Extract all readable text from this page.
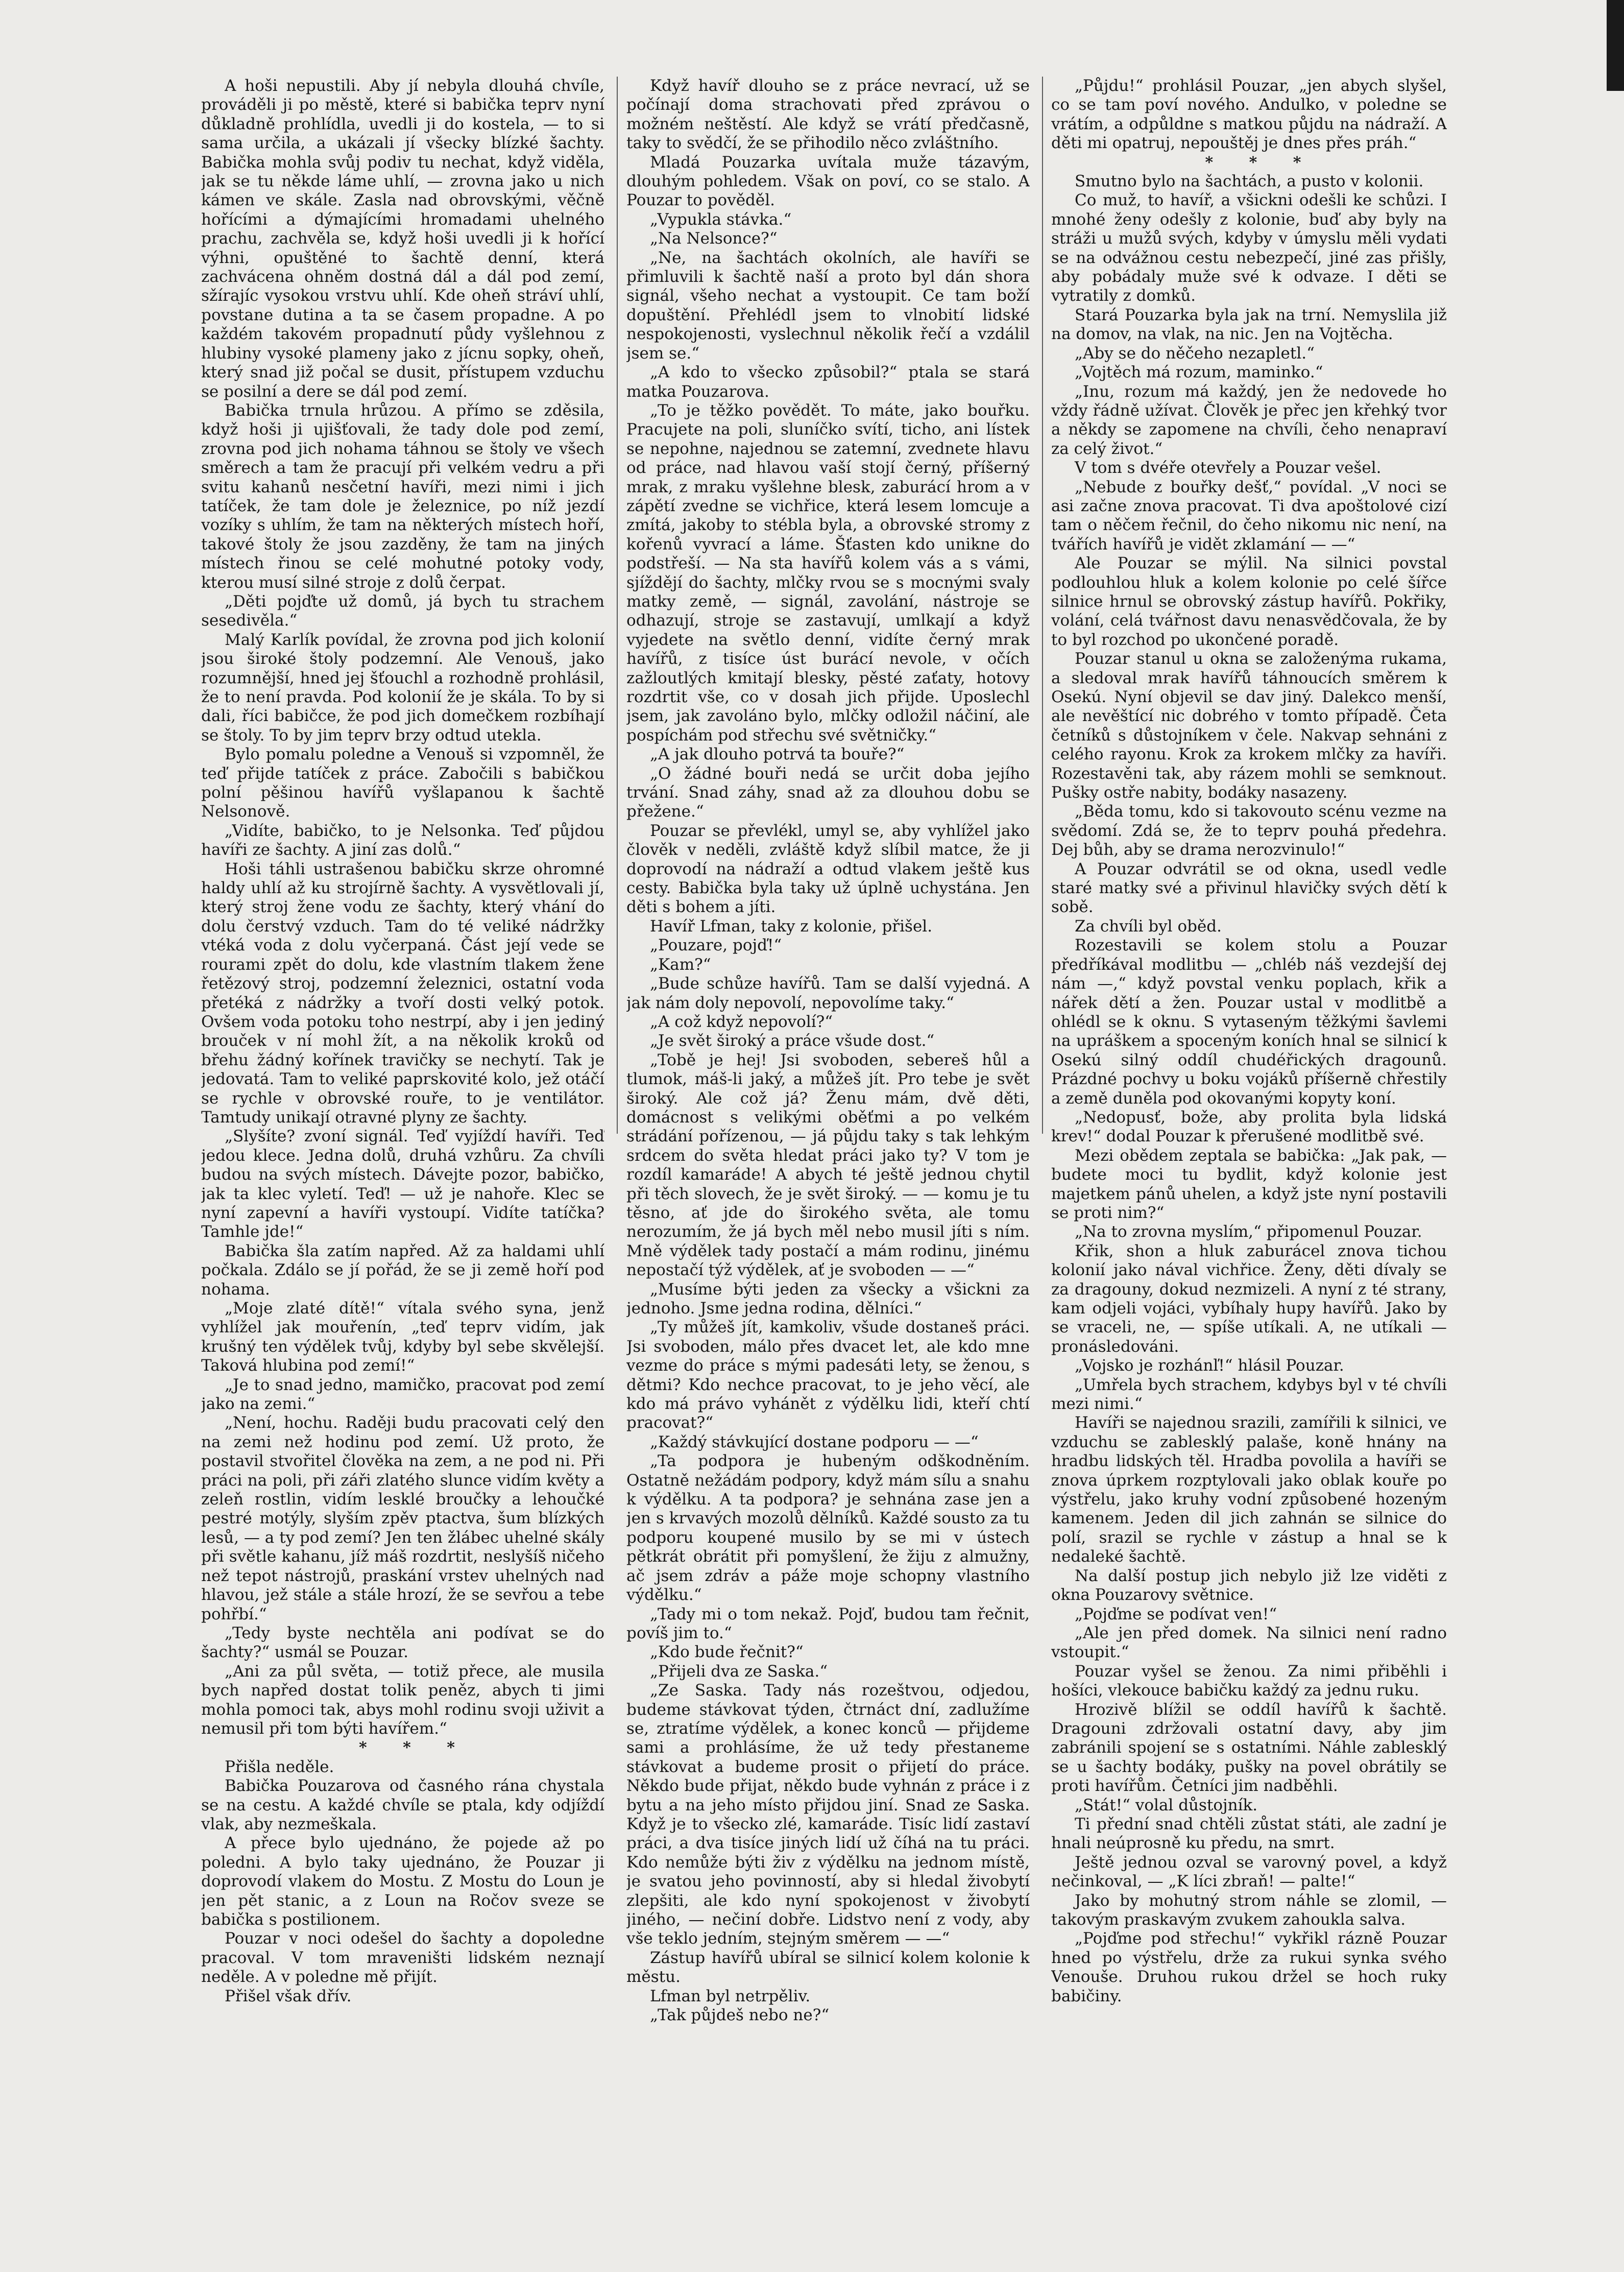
A hoši nepustili. Aby jí nebyla dlouhá chvíle, prováděli ji po městě, které si babička teprv nyní důkladně prohlídla, uvedli ji do kostela, — to si sama určila, a ukázali jí všecky blízké šachty. Babička mohla svůj podiv tu nechat, když viděla, jak se tu někde láme uhlí, — zrovna jako u nich kámen ve skále. Zasla nad obrovskými, věčně hořícími a dýmajícími hromadami uhelného prachu, zachvěla se, když hoši uvedli ji k hořící výhni, opuštěné to šachtě denní, která zachvácena ohněm dostná dál a dál pod zemí, sžírajíc vysokou vrstvu uhlí. Kde oheň stráví uhlí, povstane dutina a ta se časem propadne. A po každém takovém propadnutí půdy vyšlehnou z hlubiny vysoké plameny jako z jícnu sopky, oheň, který snad již počal se dusit, přístupem vzduchu se posilní a dere se dál pod zemí.

Babička trnula hrůzou. A přímo se zděsila, když hoši ji ujišťovali, že tady dole pod zemí, zrovna pod jich nohama táhnou se štoly ve všech směrech a tam že pracují při velkém vedru a při svitu kahanů nesčetní havíři, mezi nimi i jich tatíček, že tam dole je železnice, po níž jezdí vozíky s uhlím, že tam na některých místech hoří, takové štoly že jsou zazděny, že tam na jiných místech řinou se celé mohutné potoky vody, kterou musí silné stroje z dolů čerpat.

„Děti pojďte už domů, já bych tu strachem sesedivěla.“

Malý Karlík povídal, že zrovna pod jich kolonií jsou široké štoly podzemní. Ale Venouš, jako rozumnější, hned jej šťouchl a rozhodně prohlásil, že to není pravda. Pod kolonií že je skála. To by si dali, říci babičce, že pod jich domečkem rozbíhají se štoly. To by jim teprv brzy odtud utekla.

Bylo pomalu poledne a Venouš si vzpomněl, že teď přijde tatíček z práce. Zabočili s babičkou polní pěšinou havířů vyšlapanou k šachtě Nelsonově.

„Vidíte, babičko, to je Nelsonka. Teď půjdou havíři ze šachty. A jiní zas dolů.“

Hoši táhli ustrašenou babičku skrze ohromné haldy uhlí až ku strojírně šachty. A vysvětlovali jí, který stroj žene vodu ze šachty, který vhání do dolu čerstvý vzduch. Tam do té veliké nádržky vtéká voda z dolu vyčerpaná. Část její vede se rourami zpět do dolu, kde vlastním tlakem žene řetězový stroj, podzemní železnici, ostatní voda přetéká z nádržky a tvoří dosti velký potok. Ovšem voda potoku toho nestrpí, aby i jen jediný brouček v ní mohl žít, a na několik kroků od břehu žádný kořínek travičky se nechytí. Tak je jedovatá. Tam to veliké paprskovité kolo, jež otáčí se rychle v obrovské rouře, to je ventilátor. Tamtudy unikají otravné plyny ze šachty.

„Slyšíte? zvoní signál. Teď vyjíždí havíři. Teď jedou klece. Jedna dolů, druhá vzhůru. Za chvíli budou na svých místech. Dávejte pozor, babičko, jak ta klec vyletí. Teď! — už je nahoře. Klec se nyní zapevní a havíři vystoupí. Vidíte tatíčka? Tamhle jde!“

Babička šla zatím napřed. Až za haldami uhlí počkala. Zdálo se jí pořád, že se ji země hoří pod nohama.

„Moje zlaté dítě!“ vítala svého syna, jenž vyhlížel jak mouřenín, „teď teprv vidím, jak krušný ten výdělek tvůj, kdyby byl sebe skvělejší. Taková hlubina pod zemí!“

„Je to snad jedno, mamičko, pracovat pod zemí jako na zemi.“

„Není, hochu. Raději budu pracovati celý den na zemi než hodinu pod zemí. Už proto, že postavil stvořitel člověka na zem, a ne pod ni. Při práci na poli, při záři zlatého slunce vidím květy a zeleň rostlin, vidím lesklé broučky a lehoučké pestré motýly, slyším zpěv ptactva, šum blízkých lesů, — a ty pod zemí? Jen ten žlábec uhelné skály při světle kahanu, jíž máš rozdrtit, neslyšíš ničeho než tepot nástrojů, praskání vrstev uhelných nad hlavou, jež stále a stále hrozí, že se sevřou a tebe pohřbí.“

„Tedy byste nechtěla ani podívat se do šachty?“ usmál se Pouzar.

„Ani za půl světa, — totiž přece, ale musila bych napřed dostat tolik peněz, abych ti jimi mohla pomoci tak, abys mohl rodinu svoji uživit a nemusil při tom býti havířem.“

* * *

Přišla neděle.

Babička Pouzarova od časného rána chystala se na cestu. A každé chvíle se ptala, kdy odjíždí vlak, aby nezmeškala.

A přece bylo ujednáno, že pojede až po poledni. A bylo taky ujednáno, že Pouzar ji doprovodí vlakem do Mostu. Z Mostu do Loun je jen pět stanic, a z Loun na Ročov sveze se babička s postilionem.

Pouzar v noci odešel do šachty a dopoledne pracoval. V tom mraveništi lidském neznají neděle. A v poledne mě přijít.

Přišel však dřív.

Když havíř dlouho se z práce nevrací, už se počínají doma strachovati před zprávou o možném neštěstí. Ale když se vrátí předčasně, taky to svědčí, že se přihodilo něco zvláštního.

Mladá Pouzarka uvítala muže tázavým, dlouhým pohledem. Však on poví, co se stalo. A Pouzar to pověděl.

„Vypukla stávka.“

„Na Nelsonce?“

„Ne, na šachtách okolních, ale havíři se přimluvili k šachtě naší a proto byl dán shora signál, všeho nechat a vystoupit. Ce tam boží dopuštění. Přehlédl jsem to vlnobití lidské nespokojenosti, vyslechnul několik řečí a vzdálil jsem se.“

„A kdo to všecko způsobil?“ ptala se stará matka Pouzarova.

„To je těžko povědět. To máte, jako bouřku. Pracujete na poli, sluníčko svítí, ticho, ani lístek se nepohne, najednou se zatemní, zvednete hlavu od práce, nad hlavou vaší stojí černý, příšerný mrak, z mraku vyšlehne blesk, zaburácí hrom a v zápětí zvedne se vichřice, která lesem lomcuje a zmítá, jakoby to stébla byla, a obrovské stromy z kořenů vyvrací a láme. Šťasten kdo unikne do podstřeší. — Na sta havířů kolem vás a s vámi, sjíždějí do šachty, mlčky rvou se s mocnými svaly matky země, — signál, zavolání, nástroje se odhazují, stroje se zastavují, umlkají a když vyjedete na světlo denní, vidíte černý mrak havířů, z tisíce úst burácí nevole, v očích zažloutlých kmitají blesky, pěsté zaťaty, hotovy rozdrtit vše, co v dosah jich přijde. Uposlechl jsem, jak zavoláno bylo, mlčky odložil náčiní, ale pospíchám pod střechu své světničky.“

„A jak dlouho potrvá ta bouře?“

„O žádné bouři nedá se určit doba jejího trvání. Snad záhy, snad až za dlouhou dobu se přežene.“

Pouzar se převlékl, umyl se, aby vyhlížel jako člověk v neděli, zvláště když slíbil matce, že ji doprovodí na nádraží a odtud vlakem ještě kus cesty. Babička byla taky už úplně uchystána. Jen děti s bohem a jíti.

Havíř Lfman, taky z kolonie, přišel.

„Pouzare, pojď!“

„Kam?“

„Bude schůze havířů. Tam se další vyjedná. A jak nám doly nepovolí, nepovolíme taky.“

„A což když nepovolí?“

„Je svět široký a práce všude dost.“

„Tobě je hej! Jsi svoboden, sebereš hůl a tlumok, máš-li jaký, a můžeš jít. Pro tebe je svět široký. Ale což já? Ženu mám, dvě děti, domácnost s velikými oběťmi a po velkém strádání pořízenou, — já půjdu taky s tak lehkým srdcem do světa hledat práci jako ty? V tom je rozdíl kamaráde! A abych té ještě jednou chytil při těch slovech, že je svět široký. — — komu je tu těsno, ať jde do širokého světa, ale tomu nerozumím, že já bych měl nebo musil jíti s ním. Mně výdělek tady postačí a mám rodinu, jinému nepostačí týž výdělek, ať je svoboden — —“

„Musíme býti jeden za všecky a všickni za jednoho. Jsme jedna rodina, dělníci.“

„Ty můžeš jít, kamkoliv, všude dostaneš práci. Jsi svoboden, málo přes dvacet let, ale kdo mne vezme do práce s mými padesáti lety, se ženou, s dětmi? Kdo nechce pracovat, to je jeho věcí, ale kdo má právo vyhánět z výdělku lidi, kteří chtí pracovat?“

„Každý stávkující dostane podporu — —“

„Ta podpora je hubeným odškodněním. Ostatně nežádám podpory, když mám sílu a snahu k výdělku. A ta podpora? je sehnána zase jen a jen s krvavých mozolů dělníků. Každé sousto za tu podporu koupené musilo by se mi v ústech pětkrát obrátit při pomyšlení, že žiju z almužny, ač jsem zdráv a páže moje schopny vlastního výdělku.“

„Tady mi o tom nekaž. Pojď, budou tam řečnit, povíš jim to.“

„Kdo bude řečnit?“

„Přijeli dva ze Saska.“

„Ze Saska. Tady nás rozeštvou, odjedou, budeme stávkovat týden, čtrnáct dní, zadlužíme se, ztratíme výdělek, a konec konců — přijdeme sami a prohlásíme, že už tedy přestaneme stávkovat a budeme prosit o přijetí do práce. Někdo bude přijat, někdo bude vyhnán z práce i z bytu a na jeho místo přijdou jiní. Snad ze Saska. Když je to všecko zlé, kamaráde. Tisíc lidí zastaví práci, a dva tisíce jiných lidí už číhá na tu práci. Kdo nemůže býti živ z výdělku na jednom místě, je svatou jeho povinností, aby si hledal živobytí zlepšiti, ale kdo nyní spokojenost v živobytí jiného, — nečiní dobře. Lidstvo není z vody, aby vše teklo jedním, stejným směrem — —“

Zástup havířů ubíral se silnicí kolem kolonie k městu.

Lfman byl netrpěliv.

„Tak půjdeš nebo ne?“

„Půjdu!“ prohlásil Pouzar, „jen abych slyšel, co se tam poví nového. Andulko, v poledne se vrátím, a odpůldne s matkou půjdu na nádraží. A děti mi opatruj, nepouštěj je dnes přes práh.“

* * *

Smutno bylo na šachtách, a pusto v kolonii.

Co muž, to havíř, a všickni odešli ke schůzi. I mnohé ženy odešly z kolonie, buď aby byly na stráži u mužů svých, kdyby v úmyslu měli vydati se na odvážnou cestu nebezpečí, jiné zas přišly, aby pobádaly muže své k odvaze. I děti se vytratily z domků.

Stará Pouzarka byla jak na trní. Nemyslila již na domov, na vlak, na nic. Jen na Vojtěcha.

„Aby se do něčeho nezapletl.“

„Vojtěch má rozum, maminko.“

„Inu, rozum má každý, jen že nedovede ho vždy řádně užívat. Člověk je přec jen křehký tvor a někdy se zapomene na chvíli, čeho nenapraví za celý život.“

V tom s dvéře otevřely a Pouzar vešel.

„Nebude z bouřky dešť,“ povídal. „V noci se asi začne znova pracovat. Ti dva apoštolové cizí tam o něčem řečnil, do čeho nikomu nic není, na tvářích havířů je vidět zklamání — —“

Ale Pouzar se mýlil. Na silnici povstal podlouhlou hluk a kolem kolonie po celé šířce silnice hrnul se obrovský zástup havířů. Pokřiky, volání, celá tvářnost davu nenasvědčovala, že by to byl rozchod po ukončené poradě.

Pouzar stanul u okna se založenýma rukama, a sledoval mrak havířů táhnoucích směrem k Osekú. Nyní objevil se dav jiný. Dalekco menší, ale nevěštící nic dobrého v tomto případě. Četa četníků s důstojníkem v čele. Nakvap sehnáni z celého rayonu. Krok za krokem mlčky za havíři. Rozestavěni tak, aby rázem mohli se semknout. Pušky ostře nabity, bodáky nasazeny.

„Běda tomu, kdo si takovouto scénu vezme na svědomí. Zdá se, že to teprv pouhá předehra. Dej bůh, aby se drama nerozvinulo!“

A Pouzar odvrátil se od okna, usedl vedle staré matky své a přivinul hlavičky svých dětí k sobě.

Za chvíli byl oběd.

Rozestavili se kolem stolu a Pouzar předříkával modlitbu — „chléb náš vezdejší dej nám —,“ když povstal venku poplach, křik a nářek dětí a žen. Pouzar ustal v modlitbě a ohlédl se k oknu. S vytaseným těžkými šavlemi na upráškem a spoceným koních hnal se silnicí k Osekú silný oddíl chudéřických dragounů. Prázdné pochvy u boku vojáků příšerně chřestily a země duněla pod okovanými kopyty koní.

„Nedopusť, bože, aby prolita byla lidská krev!“ dodal Pouzar k přerušené modlitbě své.

Mezi obědem zeptala se babička: „Jak pak, — budete moci tu bydlit, když kolonie jest majetkem pánů uhelen, a když jste nyní postavili se proti nim?“

„Na to zrovna myslím,“ připomenul Pouzar.

Křik, shon a hluk zaburácel znova tichou kolonií jako nával vichřice. Ženy, děti dívaly se za dragouny, dokud nezmizeli. A nyní z té strany, kam odjeli vojáci, vybíhaly hupy havířů. Jako by se vraceli, ne, — spíše utíkali. A, ne utíkali — pronásledováni.

„Vojsko je rozhánľ!“ hlásil Pouzar.

„Umřela bych strachem, kdybys byl v té chvíli mezi nimi.“

Havíři se najednou srazili, zamířili k silnici, ve vzduchu se zablesklý palaše, koně hnány na hradbu lidských těl. Hradba povolila a havíři se znova úprkem rozptylovali jako oblak kouře po výstřelu, jako kruhy vodní způsobené hozeným kamenem. Jeden dil jich zahnán se silnice do polí, srazil se rychle v zástup a hnal se k nedaleké šachtě.

Na další postup jich nebylo již lze viděti z okna Pouzarovy světnice.

„Pojďme se podívat ven!“

„Ale jen před domek. Na silnici není radno vstoupit.“

Pouzar vyšel se ženou. Za nimi přiběhli i hošíci, vlekouce babičku každý za jednu ruku.

Hrozivě blížil se oddíl havířů k šachtě. Dragouni zdržovali ostatní davy, aby jim zabránili spojení se s ostatními. Náhle zablesklý se u šachty bodáky, pušky na povel obrátily se proti havířům. Četníci jim nadběhli.

„Stát!“ volal důstojník.

Ti přední snad chtěli zůstat státi, ale zadní je hnali neúprosně ku předu, na smrt.

Ještě jednou ozval se varovný povel, a když nečinkoval, — „K líci zbraň! — palte!“

Jako by mohutný strom náhle se zlomil, — takovým praskavým zvukem zahoukla salva.

„Pojďme pod střechu!“ vykřikl rázně Pouzar hned po výstřelu, drže za rukui synka svého Venouše. Druhou rukou držel se hoch ruky babičiny.
